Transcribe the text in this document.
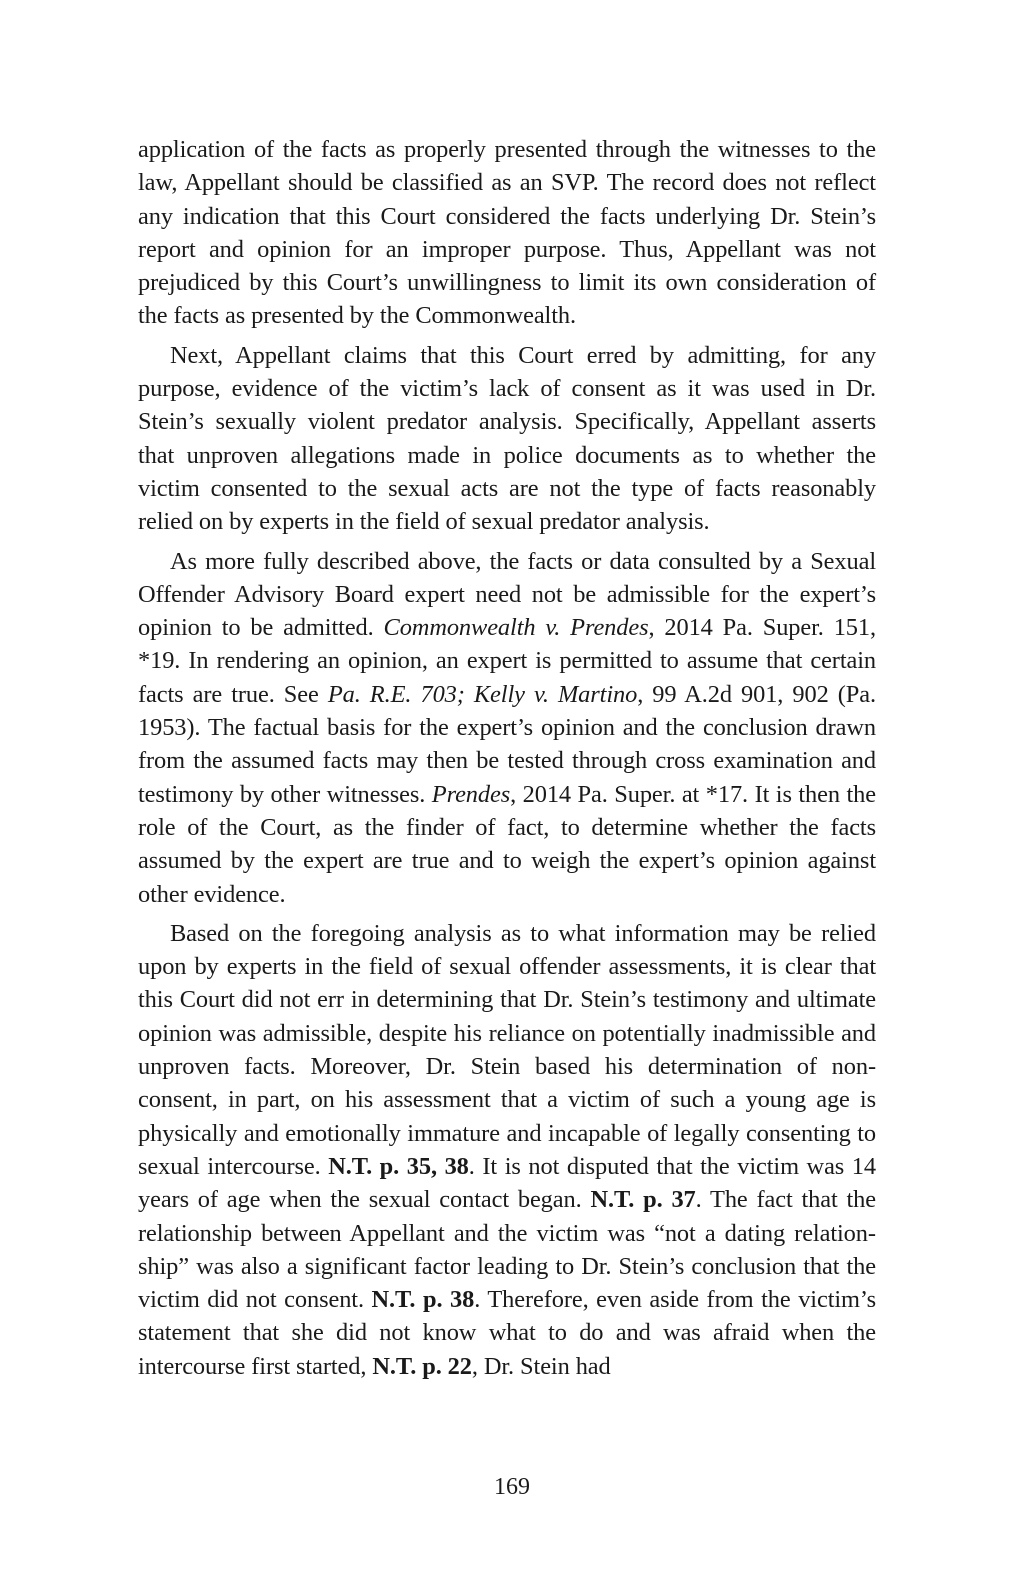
application of the facts as properly presented through the witnesses to the law, Appellant should be classified as an SVP. The record does not reflect any indication that this Court considered the facts underlying Dr. Stein’s report and opinion for an improper purpose. Thus, Appellant was not prejudiced by this Court’s unwillingness to limit its own consideration of the facts as presented by the Commonwealth.

Next, Appellant claims that this Court erred by admitting, for any purpose, evidence of the victim’s lack of consent as it was used in Dr. Stein’s sexually violent predator analysis. Specifically, Appellant asserts that unproven allegations made in police documents as to whether the victim consented to the sexual acts are not the type of facts reasonably relied on by experts in the field of sexual predator analysis.

As more fully described above, the facts or data consulted by a Sexual Offender Advisory Board expert need not be admissible for the expert’s opinion to be admitted. Commonwealth v. Prendes, 2014 Pa. Super. 151, *19. In rendering an opinion, an expert is permitted to assume that certain facts are true. See Pa. R.E. 703; Kelly v. Martino, 99 A.2d 901, 902 (Pa. 1953). The factual basis for the expert’s opinion and the conclusion drawn from the assumed facts may then be tested through cross examination and testimony by other witnesses. Prendes, 2014 Pa. Super. at *17. It is then the role of the Court, as the finder of fact, to determine whether the facts assumed by the expert are true and to weigh the expert’s opinion against other evidence.

Based on the foregoing analysis as to what information may be relied upon by experts in the field of sexual offender assessments, it is clear that this Court did not err in determining that Dr. Stein’s testimony and ultimate opinion was admissible, despite his reliance on potentially inadmissible and unproven facts. Moreover, Dr. Stein based his determination of non-consent, in part, on his assessment that a victim of such a young age is physically and emotionally immature and incapable of legally consenting to sexual intercourse. N.T. p. 35, 38. It is not disputed that the victim was 14 years of age when the sexual contact began. N.T. p. 37. The fact that the relationship between Appellant and the victim was “not a dating relationship” was also a significant factor leading to Dr. Stein’s conclusion that the victim did not consent. N.T. p. 38. Therefore, even aside from the victim’s statement that she did not know what to do and was afraid when the intercourse first started, N.T. p. 22, Dr. Stein had

169
